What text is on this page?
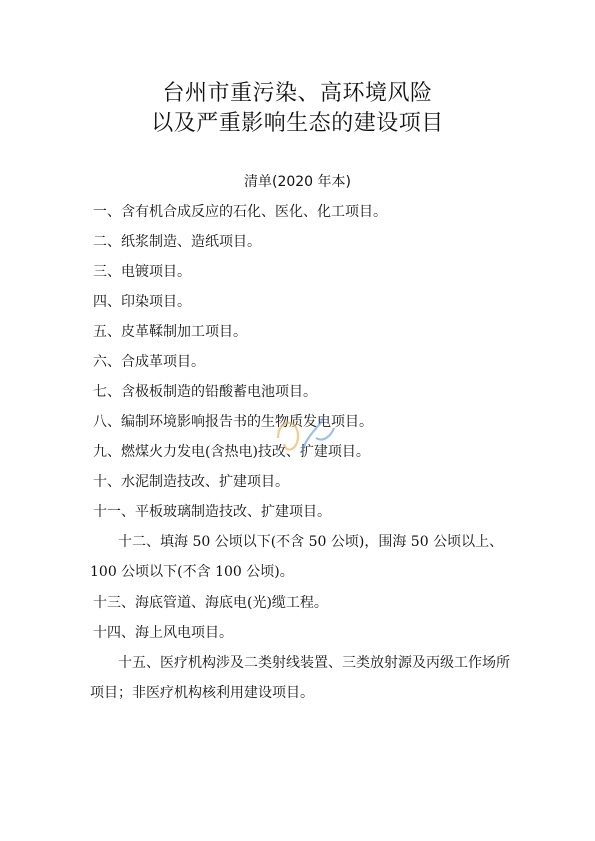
台州市重污染、高环境风险
以及严重影响生态的建设项目
清单(2020 年本)
一、含有机合成反应的石化、医化、化工项目。
二、纸浆制造、造纸项目。
三、电镀项目。
四、印染项目。
五、皮革鞣制加工项目。
六、合成革项目。
七、含极板制造的铅酸蓄电池项目。
八、编制环境影响报告书的生物质发电项目。
九、燃煤火力发电(含热电)技改、扩建项目。
十、水泥制造技改、扩建项目。
十一、平板玻璃制造技改、扩建项目。
十二、填海 50 公顷以下(不含 50 公顷)，围海 50 公顷以上、100 公顷以下(不含 100 公顷)。
十三、海底管道、海底电(光)缆工程。
十四、海上风电项目。
十五、医疗机构涉及二类射线装置、三类放射源及丙级工作场所项目；非医疗机构核利用建设项目。
